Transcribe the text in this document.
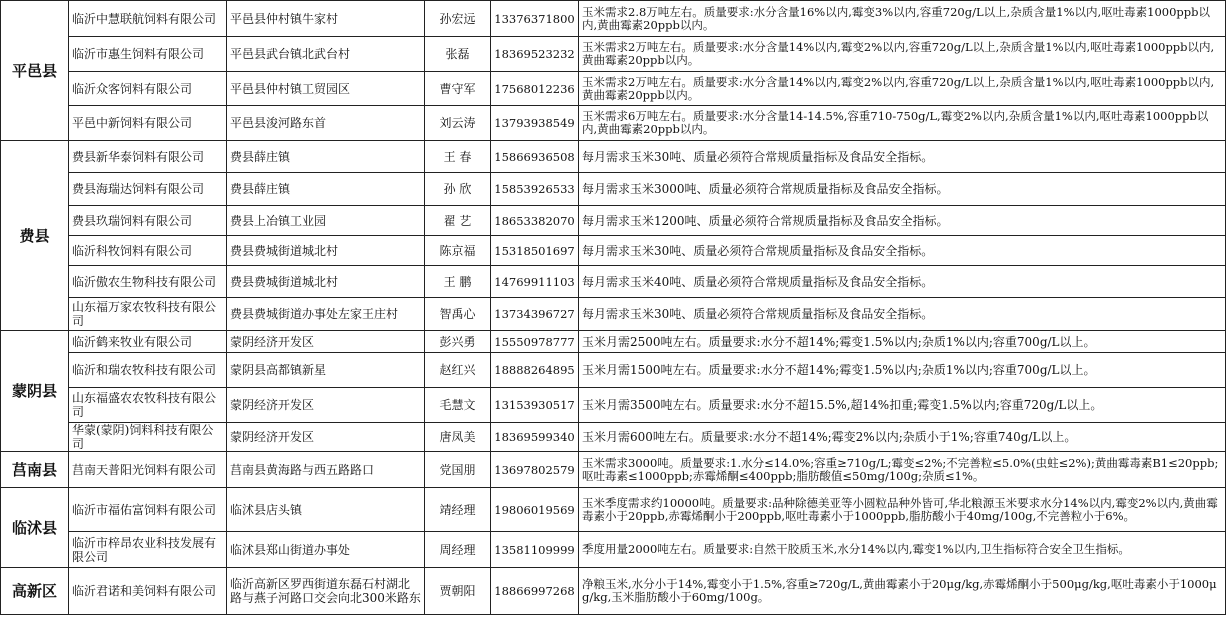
平邑县	临沂中慧联航饲料有限公司	平邑县仲村镇牛家村	孙宏远	13376371800	玉米需求2.8万吨左右。质量要求:水分含量16%以内,霉变3%以内,容重720g/L以上,杂质含量1%以内,呕吐毒素1000ppb以内,黄曲霉素20ppb以内。
	临沂市惠生饲料有限公司	平邑县武台镇北武台村	张磊	18369523232	玉米需求2万吨左右。质量要求:水分含量14%以内,霉变2%以内,容重720g/L以上,杂质含量1%以内,呕吐毒素1000ppb以内,黄曲霉素20ppb以内。
	临沂众客饲料有限公司	平邑县仲村镇工贸园区	曹守军	17568012236	玉米需求2万吨左右。质量要求:水分含量14%以内,霉变2%以内,容重720g/L以上,杂质含量1%以内,呕吐毒素1000ppb以内,黄曲霉素20ppb以内。
	平邑中新饲料有限公司	平邑县浚河路东首	刘云涛	13793938549	玉米需求6万吨左右。质量要求:水分含量14-14.5%,容重710-750g/L,霉变2%以内,杂质含量1%以内,呕吐毒素1000ppb以内,黄曲霉素20ppb以内。
费县	费县新华泰饲料有限公司	费县薛庄镇	王 春	15866936508	每月需求玉米30吨、质量必须符合常规质量指标及食品安全指标。
	费县海瑞达饲料有限公司	费县薛庄镇	孙 欣	15853926533	每月需求玉米3000吨、质量必须符合常规质量指标及食品安全指标。
	费县玖瑞饲料有限公司	费县上冶镇工业园	翟 艺	18653382070	每月需求玉米1200吨、质量必须符合常规质量指标及食品安全指标。
	临沂科牧饲料有限公司	费县费城街道城北村	陈京福	15318501697	每月需求玉米30吨、质量必须符合常规质量指标及食品安全指标。
	临沂傲农生物科技有限公司	费县费城街道城北村	王 鹏	14769911103	每月需求玉米40吨、质量必须符合常规质量指标及食品安全指标。
	山东福万家农牧科技有限公司	费县费城街道办事处左家王庄村	智禹心	13734396727	每月需求玉米30吨、质量必须符合常规质量指标及食品安全指标。
蒙阴县	临沂鹤来牧业有限公司	蒙阴经济开发区	彭兴勇	15550978777	玉米月需2500吨左右。质量要求:水分不超14%;霉变1.5%以内;杂质1%以内;容重700g/L以上。
	临沂和瑞农牧科技有限公司	蒙阴县高都镇新星	赵红兴	18888264895	玉米月需1500吨左右。质量要求:水分不超14%;霉变1.5%以内;杂质1%以内;容重700g/L以上。
	山东福盛农农牧科技有限公司	蒙阴经济开发区	毛慧文	13153930517	玉米月需3500吨左右。质量要求:水分不超15.5%,超14%扣重;霉变1.5%以内;容重720g/L以上。
	华蒙(蒙阴)饲料科技有限公司	蒙阴经济开发区	唐凤美	18369599340	玉米月需600吨左右。质量要求:水分不超14%;霉变2%以内;杂质小于1%;容重740g/L以上。
莒南县	莒南天普阳光饲料有限公司	莒南县黄海路与西五路路口	党国朋	13697802579	玉米需求3000吨。质量要求:1.水分≤14.0%;容重≥710g/L;霉变≤2%;不完善粒≤5.0%(虫蛀≤2%);黄曲霉毒素B1≤20ppb;呕吐毒素≤1000ppb;赤霉烯酮≤400ppb;脂肪酸值≤50mg/100g;杂质≤1%。
临沭县	临沂市福佑富饲料有限公司	临沭县店头镇	靖经理	19806019569	玉米季度需求约10000吨。质量要求:品种除德美亚等小圆粒品种外皆可,华北粮源玉米要求水分14%以内,霉变2%以内,黄曲霉毒素小于20ppb,赤霉烯酮小于200ppb,呕吐毒素小于1000ppb,脂肪酸小于40mg/100g,不完善粒小于6%。
	临沂市梓昂农业科技发展有限公司	临沭县郑山街道办事处	周经理	13581109999	季度用量2000吨左右。质量要求:自然干胶质玉米,水分14%以内,霉变1%以内,卫生指标符合安全卫生指标。
高新区	临沂君诺和美饲料有限公司	临沂高新区罗西街道东磊石村湖北路与燕子河路口交会向北300米路东	贾朝阳	18866997268	净粮玉米,水分小于14%,霉变小于1.5%,容重≥720g/L,黄曲霉素小于20μg/kg,赤霉烯酮小于500μg/kg,呕吐毒素小于1000μg/kg,玉米脂肪酸小于60mg/100g。
